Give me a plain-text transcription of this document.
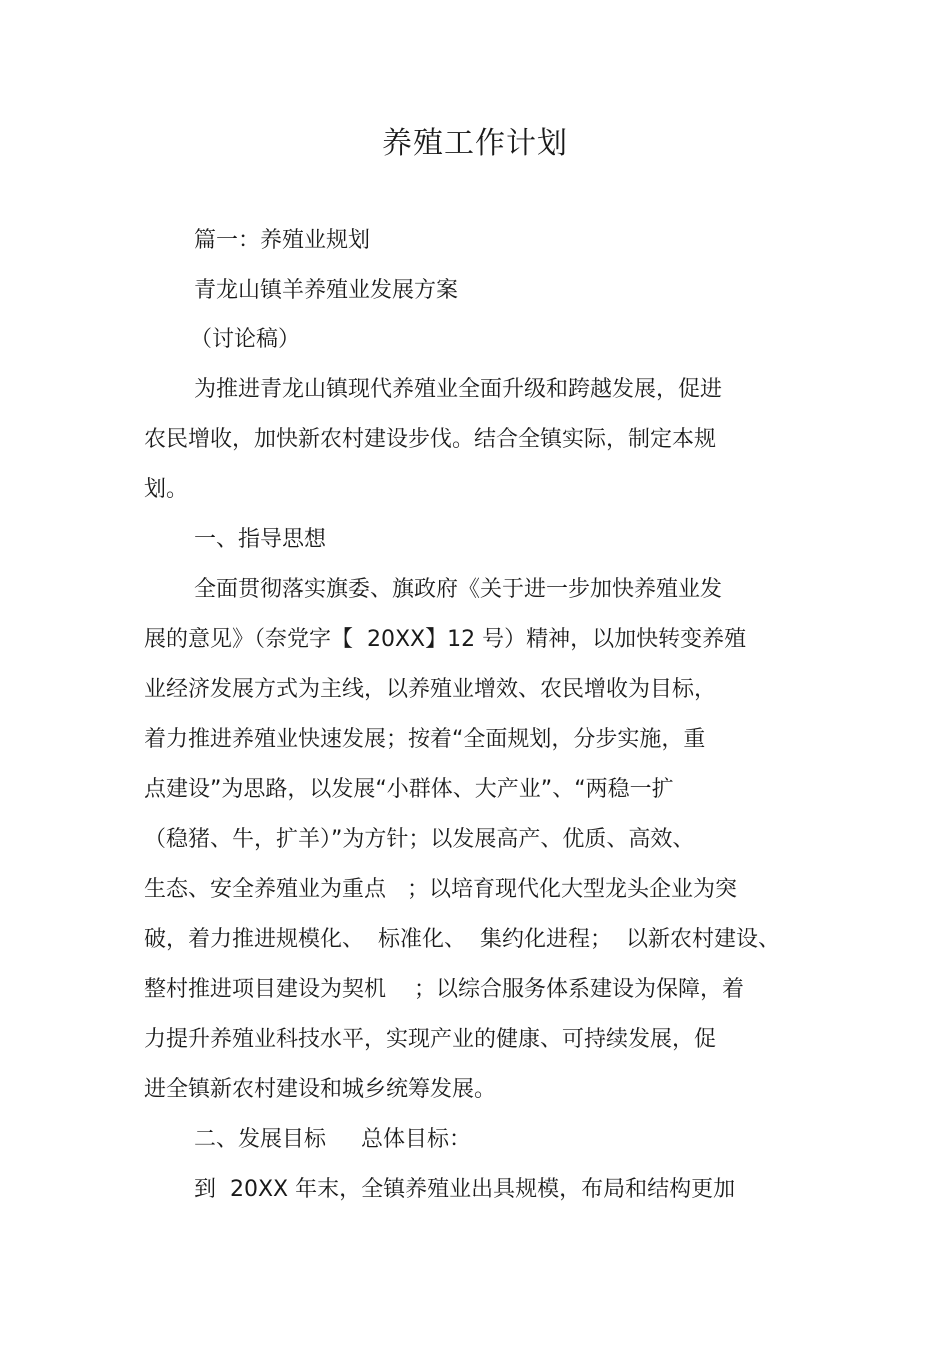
养殖工作计划
篇一：养殖业规划
青龙山镇羊养殖业发展方案
（讨论稿）
为推进青龙山镇现代养殖业全面升级和跨越发展，促进
农民增收，加快新农村建设步伐。结合全镇实际，制定本规
划。
一、指导思想
全面贯彻落实旗委、旗政府《关于进一步加快养殖业发
展的意见》（奈党字【  20XX】12 号）精神，以加快转变养殖
业经济发展方式为主线，以养殖业增效、农民增收为目标，
着力推进养殖业快速发展；按着“全面规划，分步实施，重
点建设”为思路，以发展“小群体、大产业”、“两稳一扩
（稳猪、牛，扩羊）”为方针；以发展高产、优质、高效、
生态、安全养殖业为重点   ；以培育现代化大型龙头企业为突
破，着力推进规模化、  标准化、  集约化进程；  以新农村建设、
整村推进项目建设为契机    ；以综合服务体系建设为保障，着
力提升养殖业科技水平，实现产业的健康、可持续发展，促
进全镇新农村建设和城乡统筹发展。
二、发展目标     总体目标：
到  20XX 年末，全镇养殖业出具规模，布局和结构更加
